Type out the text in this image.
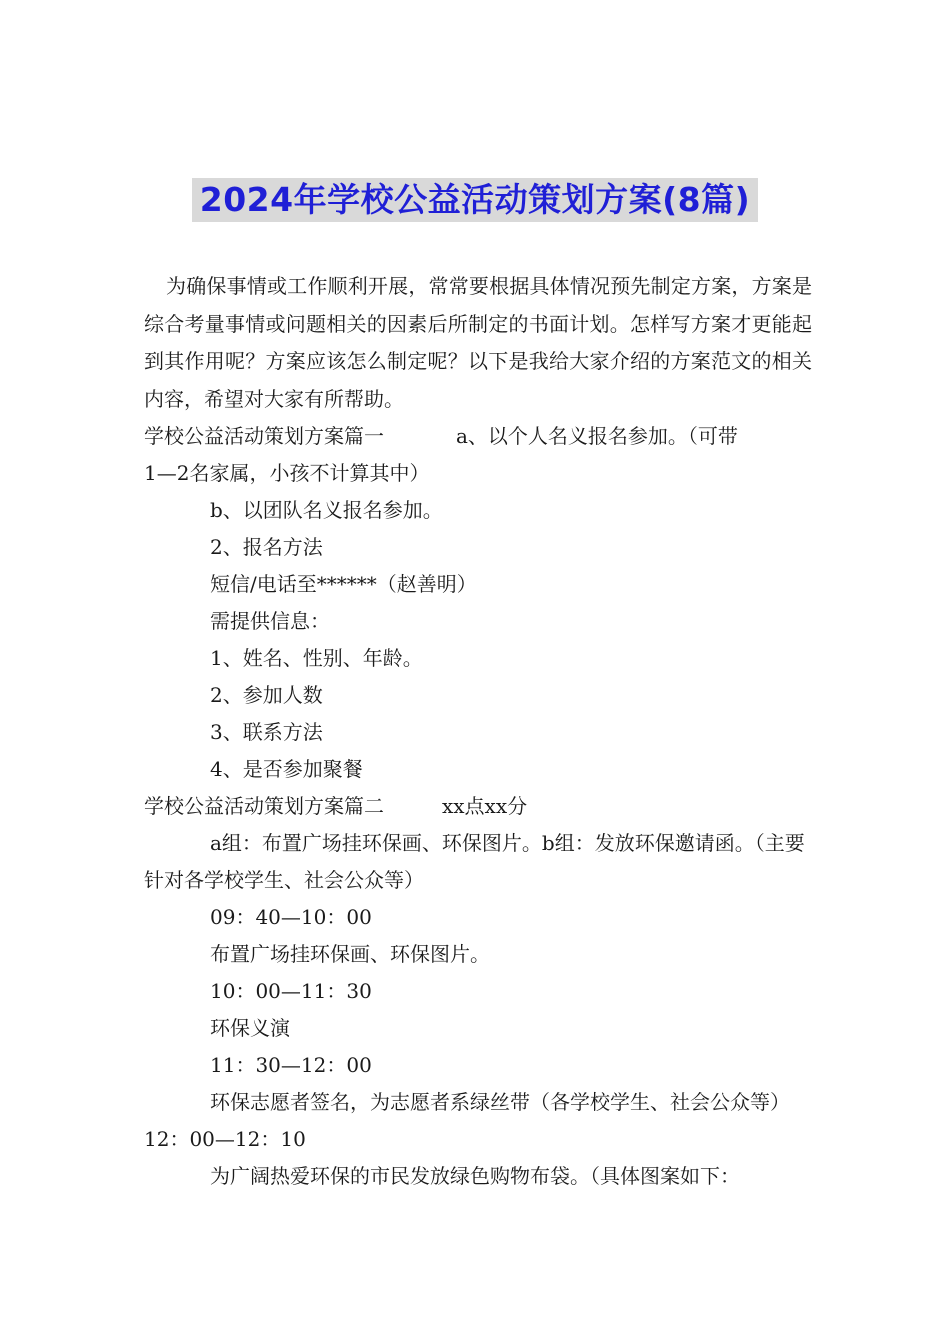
2024年学校公益活动策划方案(8篇)

为确保事情或工作顺利开展，常常要根据具体情况预先制定方案，方案是综合考量事情或问题相关的因素后所制定的书面计划。怎样写方案才更能起到其作用呢？方案应该怎么制定呢？以下是我给大家介绍的方案范文的相关内容，希望对大家有所帮助。

学校公益活动策划方案篇一	a、以个人名义报名参加。（可带

1—2名家属，小孩不计算其中）

b、以团队名义报名参加。

2、报名方法

短信/电话至******（赵善明）

需提供信息：

1、姓名、性别、年龄。

2、参加人数

3、联系方法

4、是否参加聚餐

学校公益活动策划方案篇二	xx点xx分

a组：布置广场挂环保画、环保图片。b组：发放环保邀请函。（主要针对各学校学生、社会公众等）

09：40—10：00

布置广场挂环保画、环保图片。

10：00—11：30

环保义演

11：30—12：00

环保志愿者签名，为志愿者系绿丝带（各学校学生、社会公众等）12：00—12：10

为广阔热爱环保的市民发放绿色购物布袋。（具体图案如下：
